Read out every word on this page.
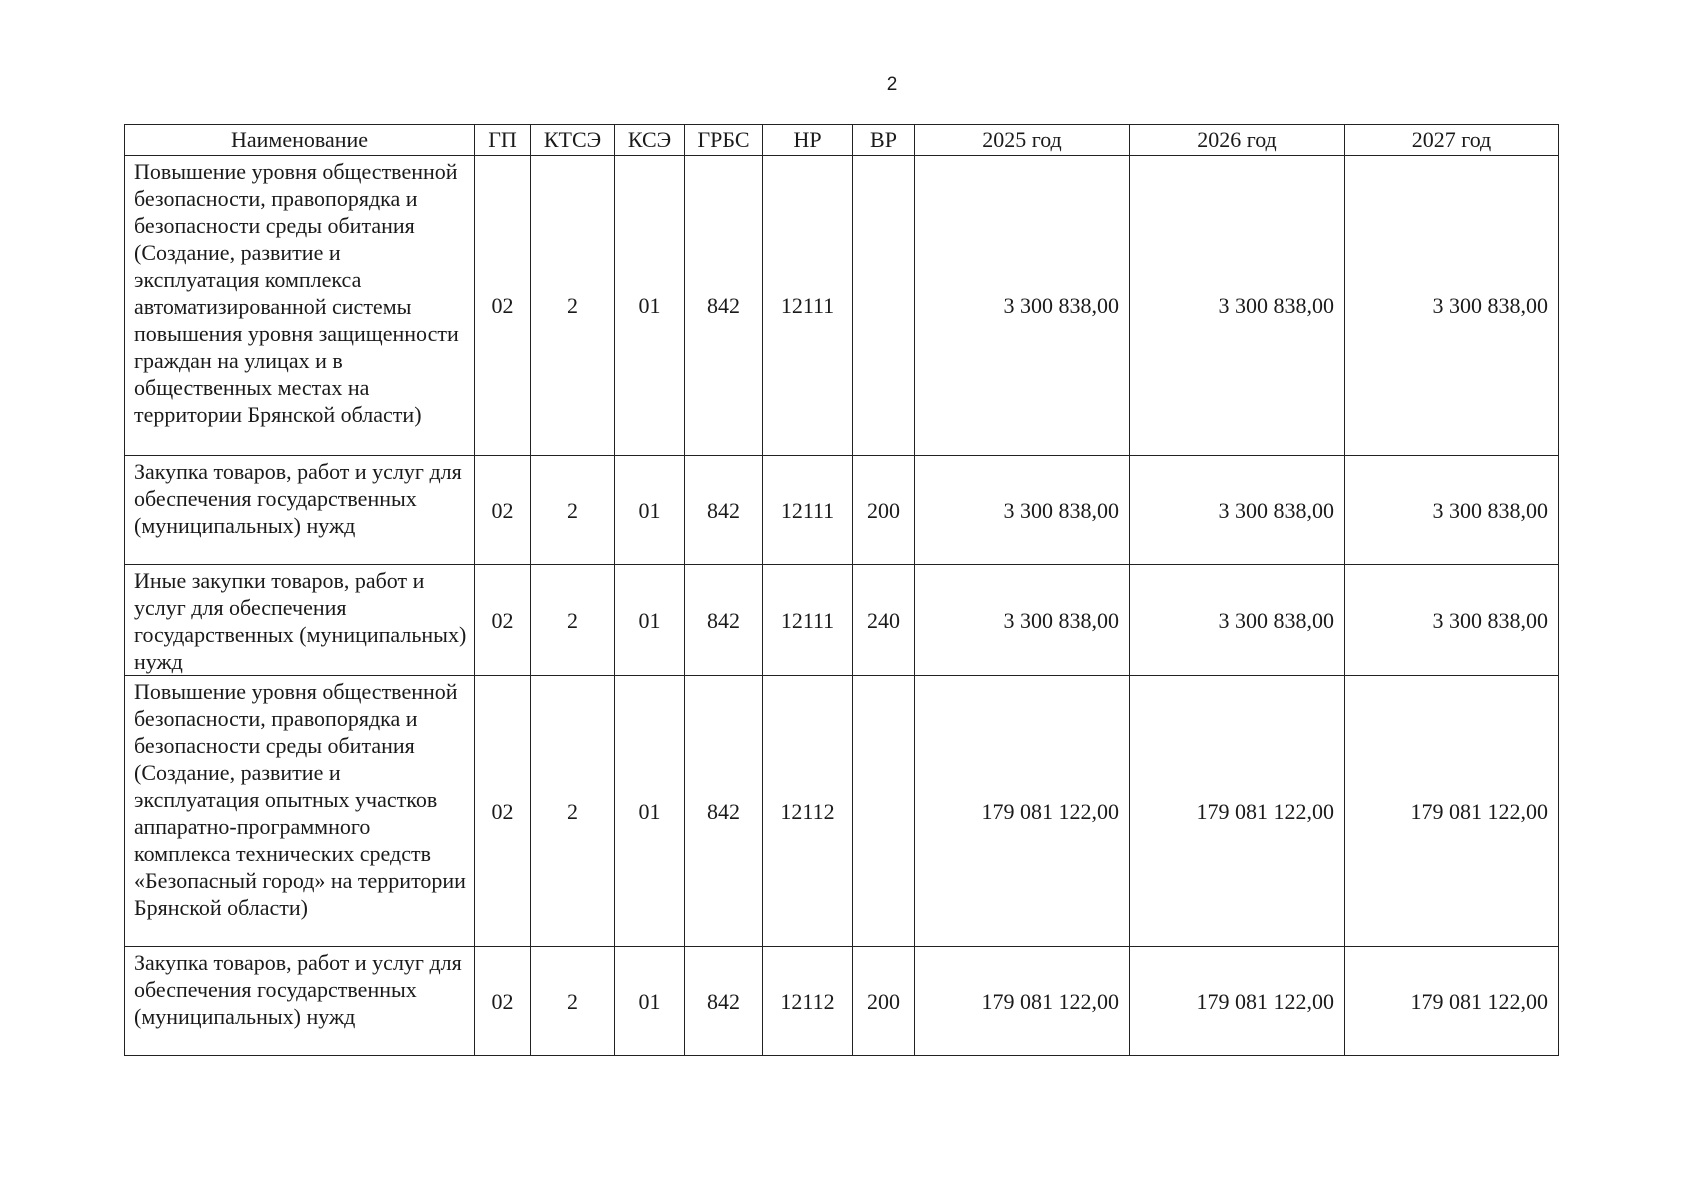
2
Наименование	ГП	КТСЭ	КСЭ	ГРБС	НР	ВР	2025 год	2026 год	2027 год
Повышение уровня общественной безопасности, правопорядка и безопасности среды обитания (Создание, развитие и эксплуатация комплекса автоматизированной системы повышения уровня защищенности граждан на улицах и в общественных местах на территории Брянской области)	02	2	01	842	12111		3 300 838,00	3 300 838,00	3 300 838,00
Закупка товаров, работ и услуг для обеспечения государственных (муниципальных) нужд	02	2	01	842	12111	200	3 300 838,00	3 300 838,00	3 300 838,00
Иные закупки товаров, работ и услуг для обеспечения государственных (муниципальных) нужд	02	2	01	842	12111	240	3 300 838,00	3 300 838,00	3 300 838,00
Повышение уровня общественной безопасности, правопорядка и безопасности среды обитания (Создание, развитие и эксплуатация опытных участков аппаратно-программного комплекса технических средств «Безопасный город» на территории Брянской области)	02	2	01	842	12112		179 081 122,00	179 081 122,00	179 081 122,00
Закупка товаров, работ и услуг для обеспечения государственных (муниципальных) нужд	02	2	01	842	12112	200	179 081 122,00	179 081 122,00	179 081 122,00
